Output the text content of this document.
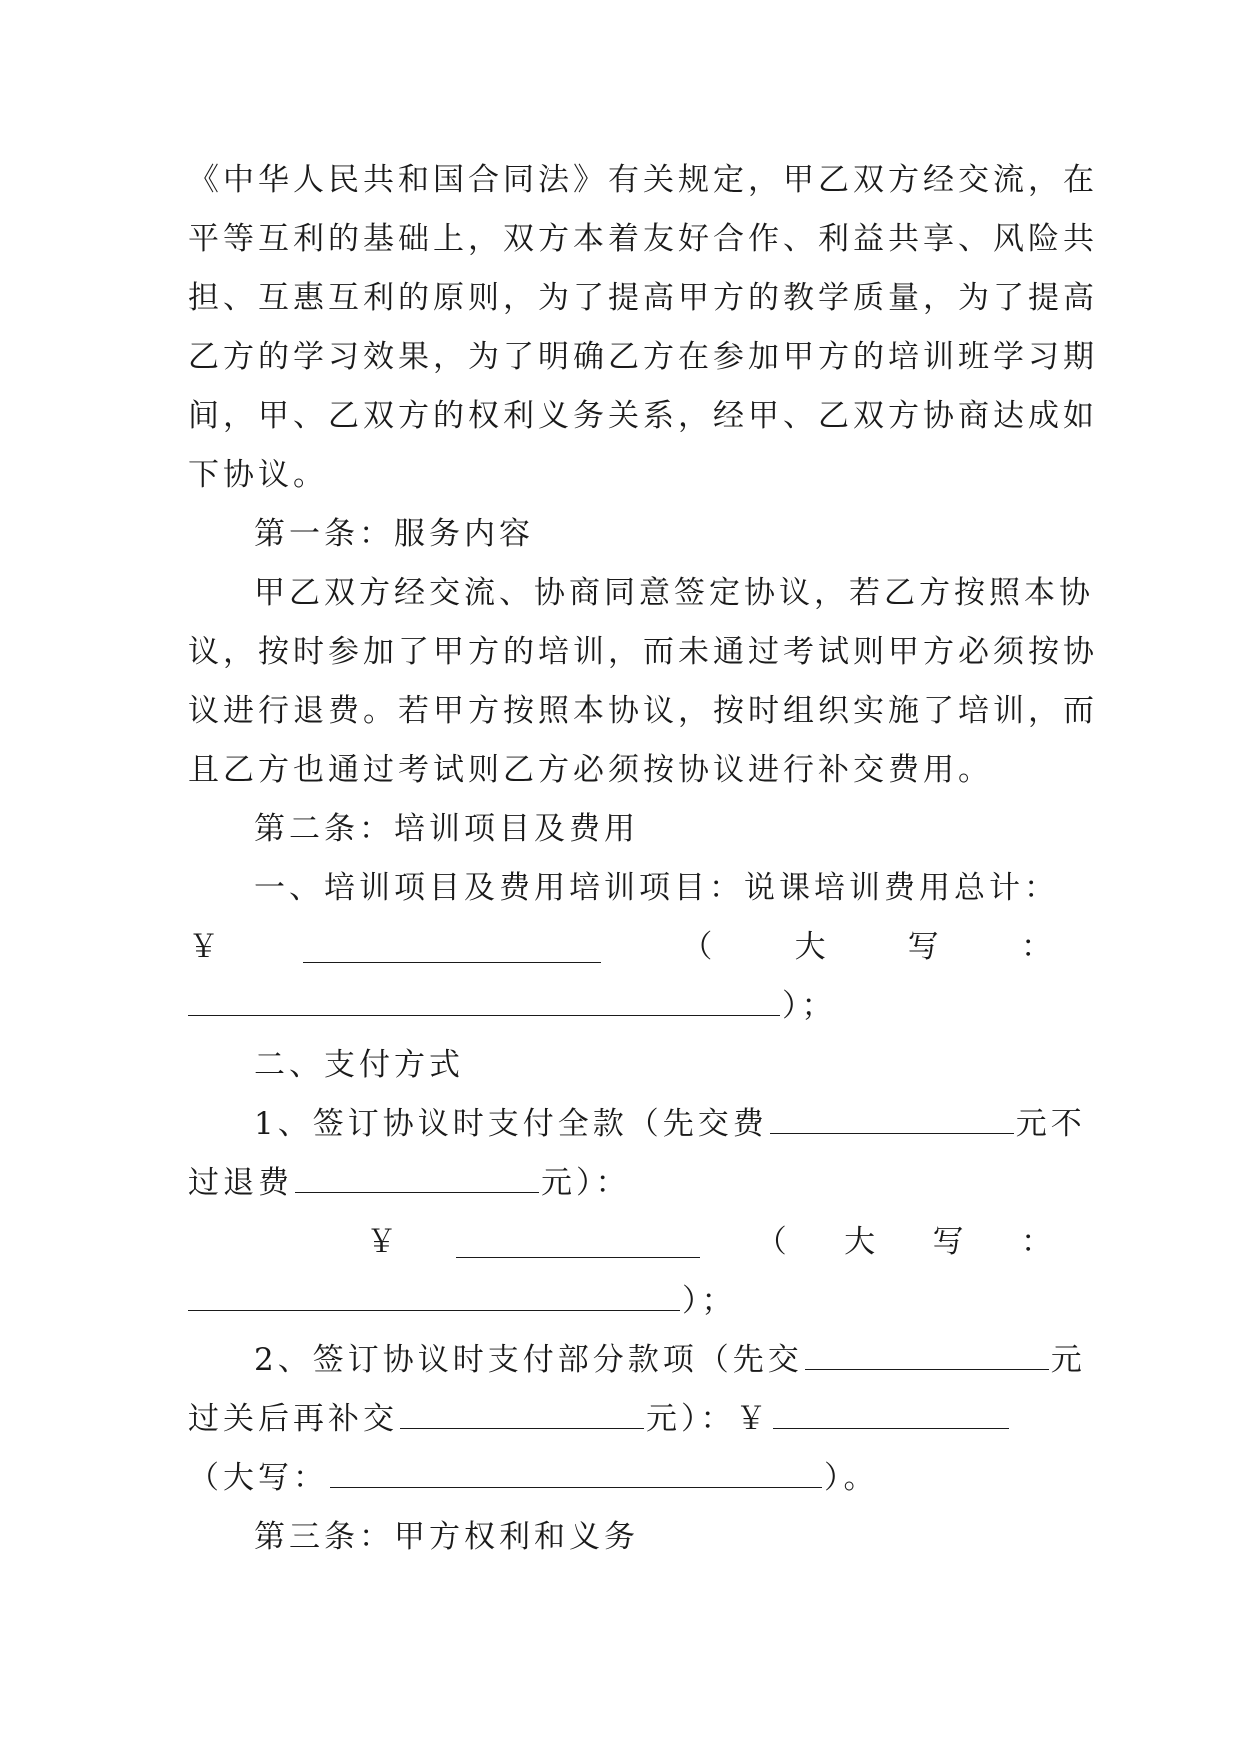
《中华人民共和国合同法》有关规定，甲乙双方经交流，在
平等互利的基础上，双方本着友好合作、利益共享、风险共
担、互惠互利的原则，为了提高甲方的教学质量，为了提高
乙方的学习效果，为了明确乙方在参加甲方的培训班学习期
间，甲、乙双方的权利义务关系，经甲、乙双方协商达成如
下协议。
第一条：服务内容
甲乙双方经交流、协商同意签定协议，若乙方按照本协
议，按时参加了甲方的培训，而未通过考试则甲方必须按协
议进行退费。若甲方按照本协议，按时组织实施了培训，而
且乙方也通过考试则乙方必须按协议进行补交费用。
第二条：培训项目及费用
一、培训项目及费用培训项目：说课培训费用总计：
￥	（	大	写	：
）；
二、支付方式
1、签订协议时支付全款（先交费	元不
过退费	元）：
￥	（ 大 写 ：
）；
2、签订协议时支付部分款项（先交	元
过关后再补交	元）：￥
（大写：	）。
第三条：甲方权利和义务
